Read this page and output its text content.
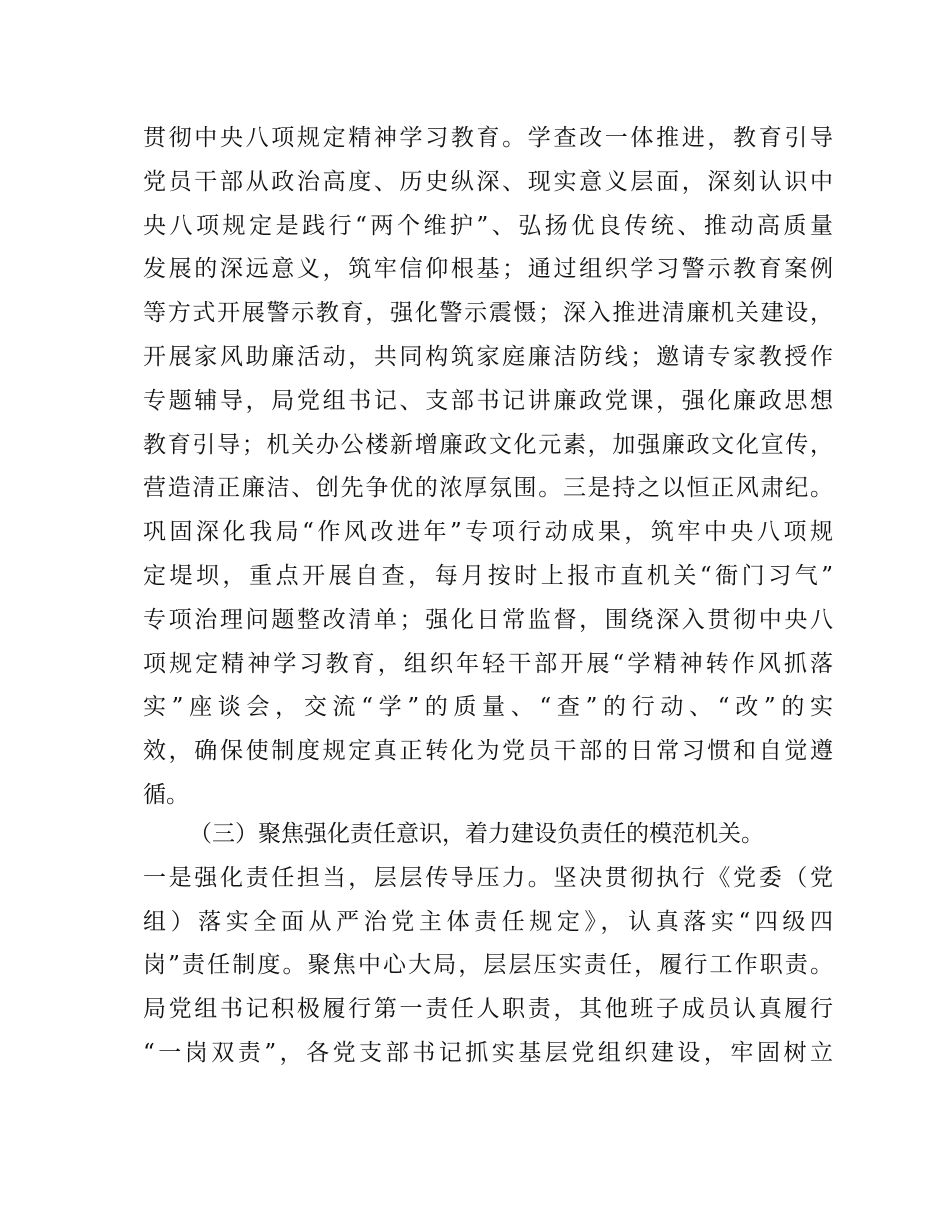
贯彻中央八项规定精神学习教育。学查改一体推进，教育引导
党员干部从政治高度、历史纵深、现实意义层面，深刻认识中
央八项规定是践行“两个维护”、弘扬优良传统、推动高质量
发展的深远意义，筑牢信仰根基；通过组织学习警示教育案例
等方式开展警示教育，强化警示震慑；深入推进清廉机关建设，
开展家风助廉活动，共同构筑家庭廉洁防线；邀请专家教授作
专题辅导，局党组书记、支部书记讲廉政党课，强化廉政思想
教育引导；机关办公楼新增廉政文化元素，加强廉政文化宣传，
营造清正廉洁、创先争优的浓厚氛围。三是持之以恒正风肃纪。
巩固深化我局“作风改进年”专项行动成果，筑牢中央八项规
定堤坝，重点开展自查，每月按时上报市直机关“衙门习气”
专项治理问题整改清单；强化日常监督，围绕深入贯彻中央八
项规定精神学习教育，组织年轻干部开展“学精神转作风抓落
实”座谈会，交流“学”的质量、“查”的行动、“改”的实
效，确保使制度规定真正转化为党员干部的日常习惯和自觉遵
循。
（三）聚焦强化责任意识，着力建设负责任的模范机关。
一是强化责任担当，层层传导压力。坚决贯彻执行《党委（党
组）落实全面从严治党主体责任规定》，认真落实“四级四
岗”责任制度。聚焦中心大局，层层压实责任，履行工作职责。
局党组书记积极履行第一责任人职责，其他班子成员认真履行
“一岗双责”，各党支部书记抓实基层党组织建设，牢固树立
